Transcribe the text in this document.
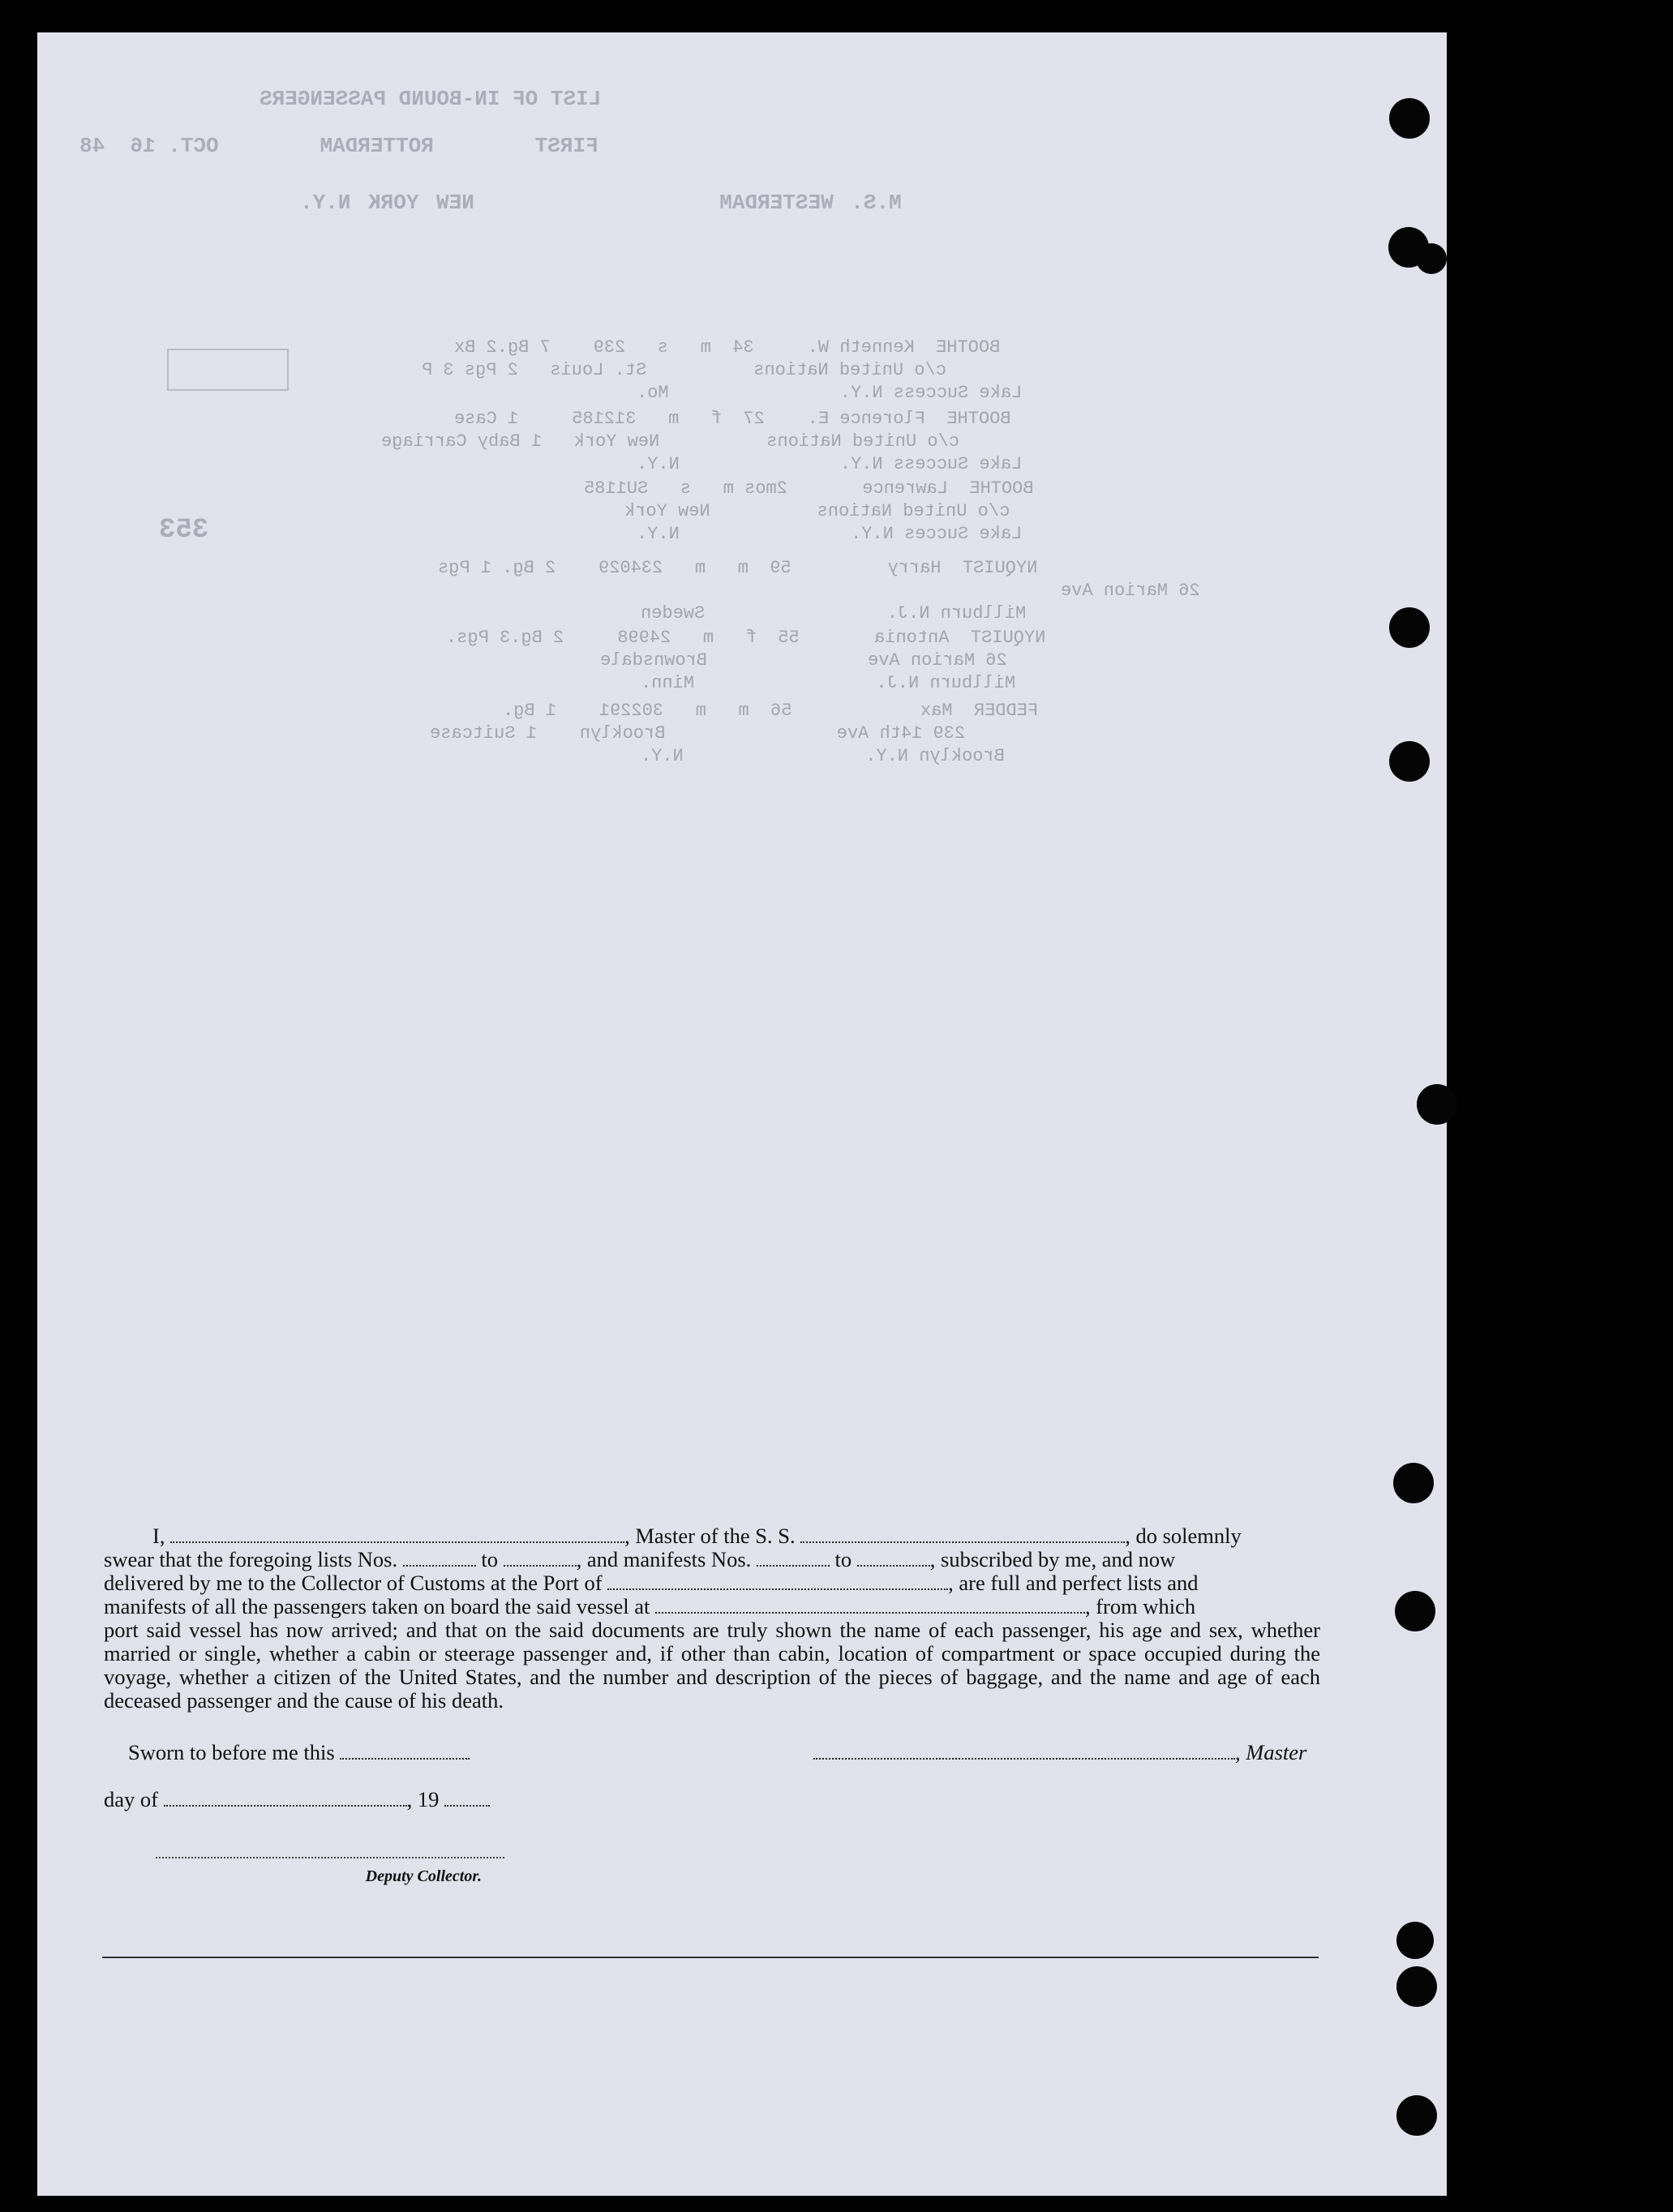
LIST OF IN-BOUND PASSENGERS
FIRST        ROTTERDAM        OCT. 16  48
M.S. WESTERDAM              NEW YORK N.Y.
BOOTHE  Kenneth W.     34  m   s   239    7 Bg.2 Bx
c/o United Nations          St. Louis   2 Pgs 3 P
Lake Success N.Y.                Mo.
BOOTHE  Florence E.    27  f   m   312185     1 Case
c/o United Nations          New York   1 Baby Carriage
Lake Success N.Y.               N.Y.
BOOTHE  Lawrence       2mos m   s   SU1185
c/o United Nations          New York
Lake Succes N.Y.                N.Y.
353
NYQUIST  Harry         59  m   m   234029    2 Bg. 1 Pgs
26 Marion Ave
Millburn N.J.                 Sweden
NYQUIST  Antonia       55  f   m   24998     2 Bg.3 Pgs.
26 Marion Ave               Brownsdale
Millburn N.J.                 Minn.
FEDDER  Max            56  m   m   302291    1 Bg.
239 14th Ave                Brooklyn    1 Suitcase
Brooklyn N.Y.                 N.Y.

I,	, Master of the S. S.	, do solemnly

swear that the foregoing lists Nos.	to	, and manifests Nos.	to	, subscribed by me, and now

delivered by me to the Collector of Customs at the Port of	, are full and perfect lists and

manifests of all the passengers taken on board the said vessel at	, from which

port said vessel has now arrived; and that on the said documents are truly shown the name of each passenger, his age and sex, whether married or single, whether a cabin or steerage passenger and, if other than cabin, location of compartment or space occupied during the voyage, whether a citizen of the United States, and the number and description of the pieces of baggage, and the name and age of each deceased passenger and the cause of his death.

Sworn to before me this	, Master
day of	, 19
Deputy Collector.
